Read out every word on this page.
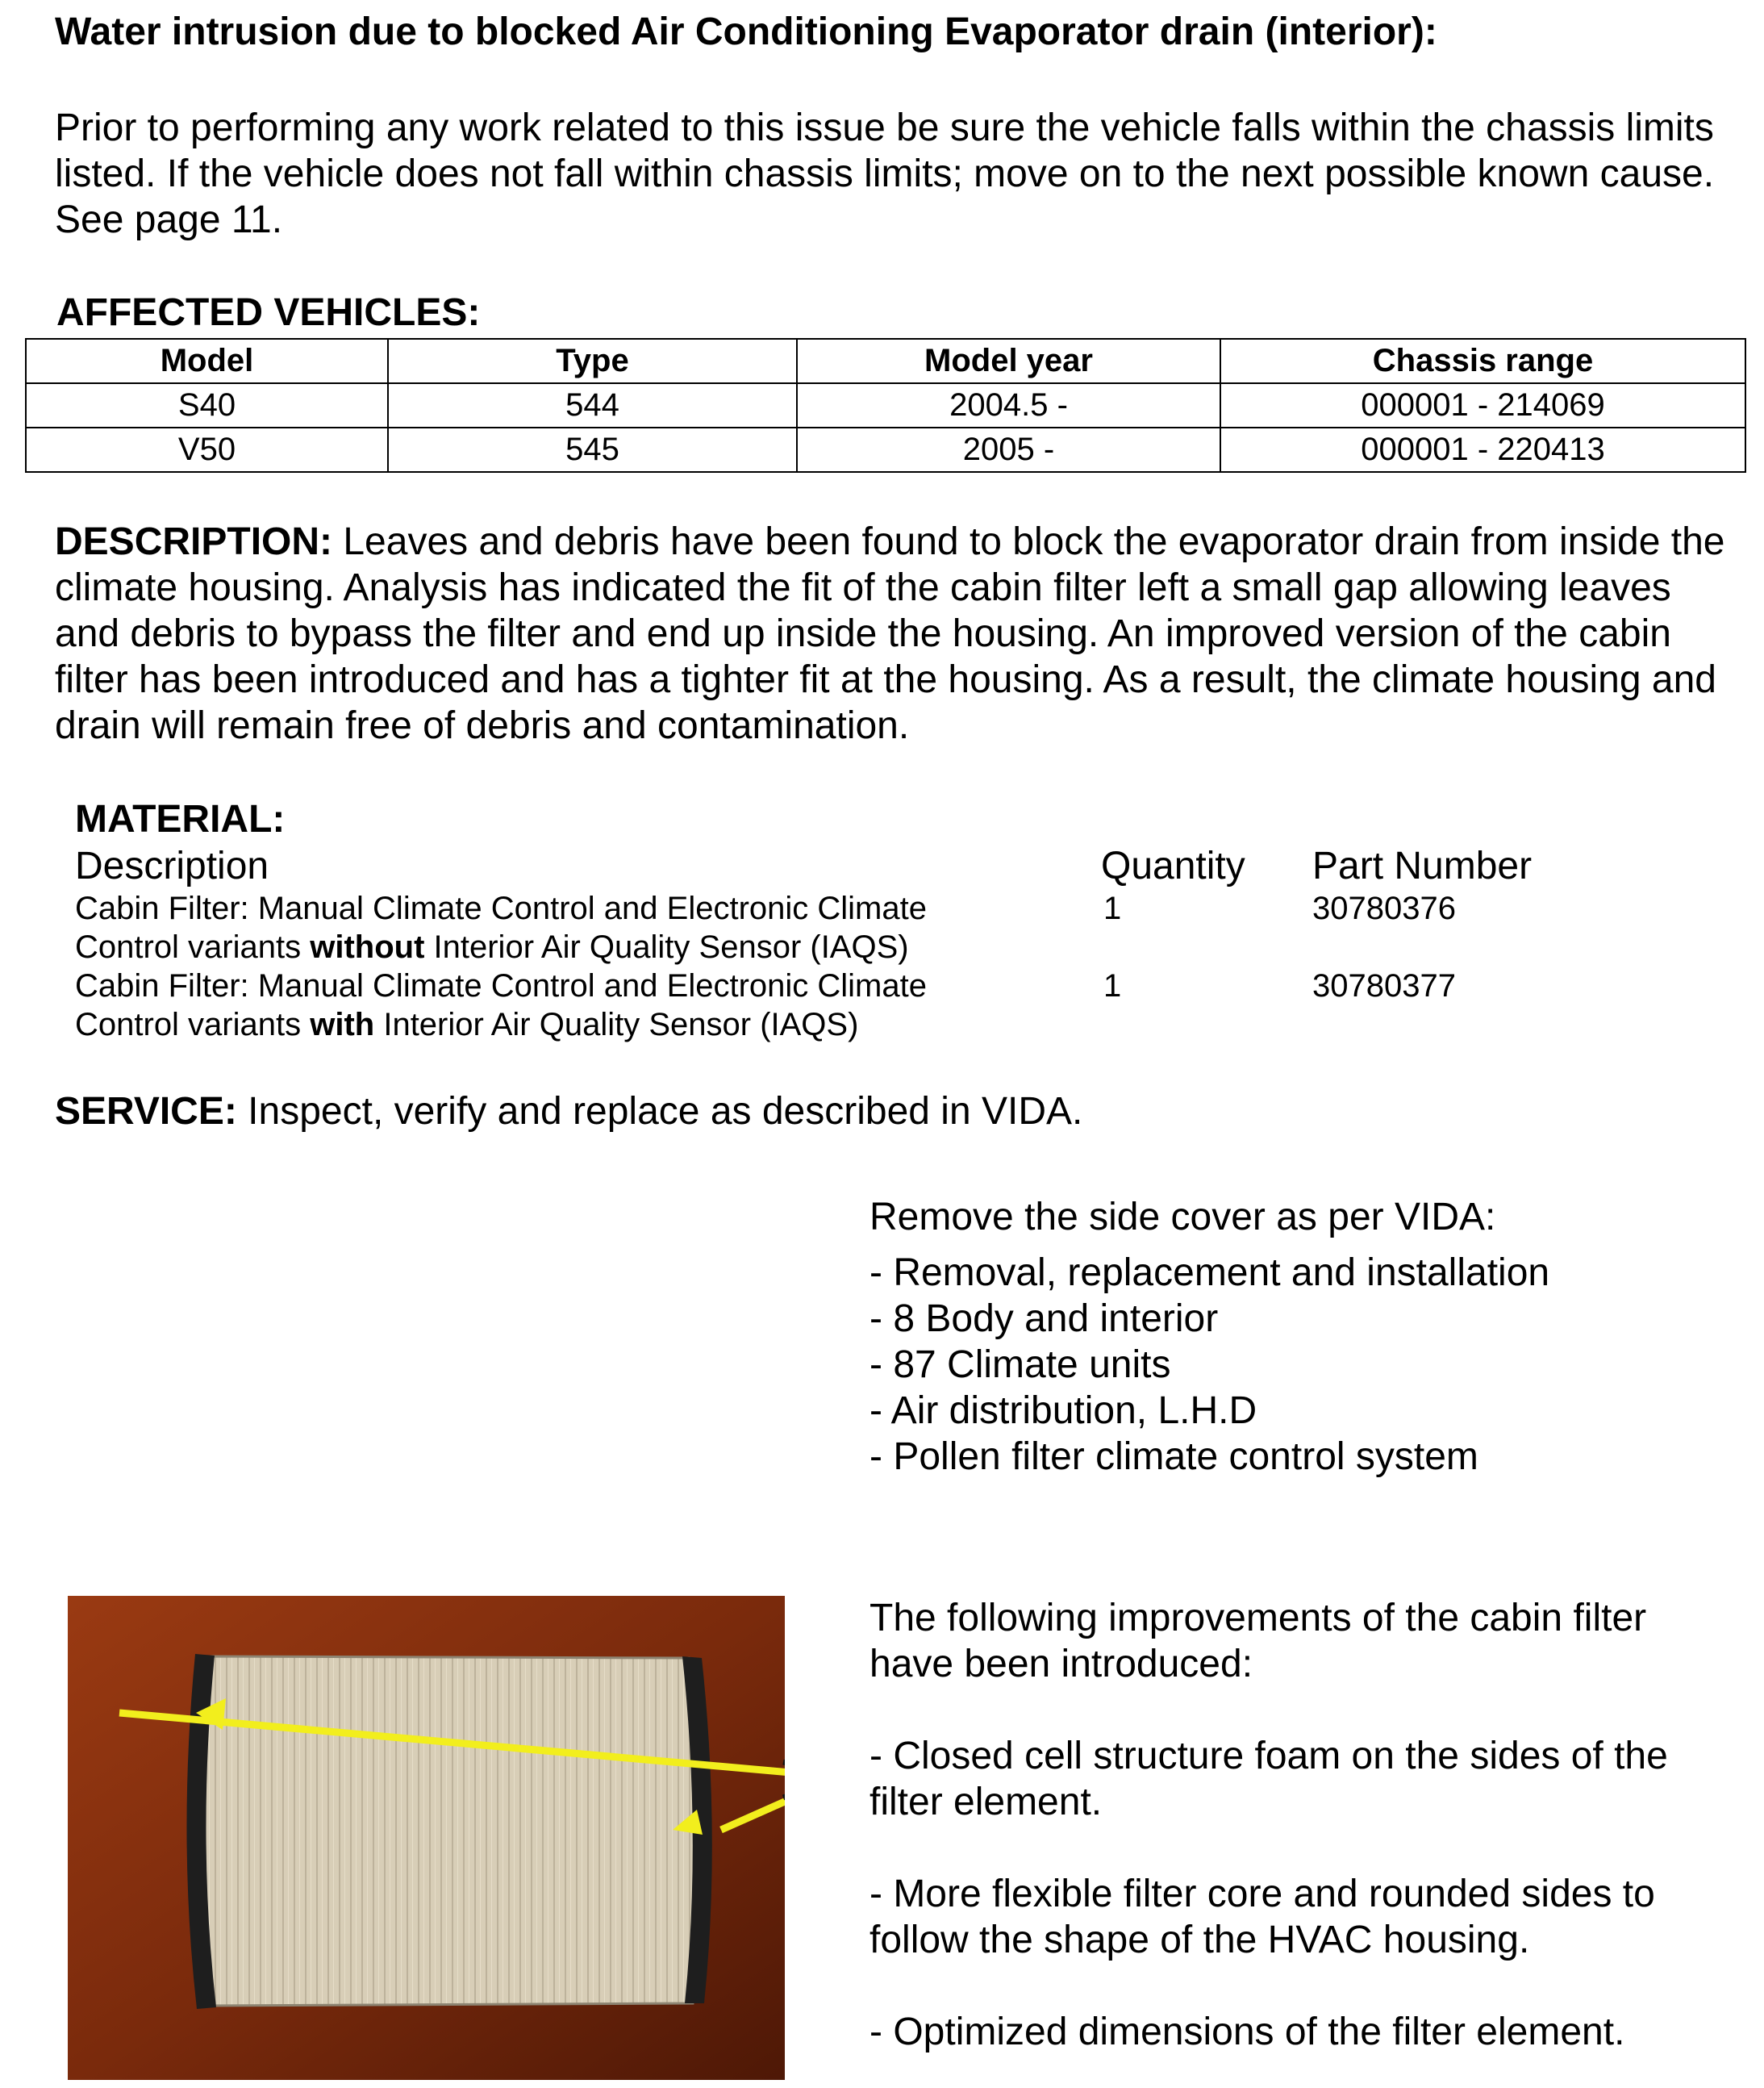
Water intrusion due to blocked Air Conditioning Evaporator drain (interior):
Prior to performing any work related to this issue be sure the vehicle falls within the chassis limits listed. If the vehicle does not fall within chassis limits; move on to the next possible known cause. See page 11.
AFFECTED VEHICLES:
Model	Type	Model year	Chassis range
S40	544	2004.5 -	000001 - 214069
V50	545	2005 -	000001 - 220413
DESCRIPTION: Leaves and debris have been found to block the evaporator drain from inside the climate housing. Analysis has indicated the fit of the cabin filter left a small gap allowing leaves and debris to bypass the filter and end up inside the housing. An improved version of the cabin filter has been introduced and has a tighter fit at the housing. As a result, the climate housing and drain will remain free of debris and contamination.
MATERIAL:
Description	Quantity Part Number
Cabin Filter: Manual Climate Control and Electronic Climate
Control variants without Interior Air Quality Sensor (IAQS)
1	30780376
Cabin Filter: Manual Climate Control and Electronic Climate
Control variants with Interior Air Quality Sensor (IAQS)
1	30780377
SERVICE: Inspect, verify and replace as described in VIDA.
Remove the side cover as per VIDA:
- Removal, replacement and installation
- 8 Body and interior
- 87 Climate units
- Air distribution, L.H.D
- Pollen filter climate control system

The following improvements of the cabin filter have been introduced:

- Closed cell structure foam on the sides of the filter element.

- More flexible filter core and rounded sides to follow the shape of the HVAC housing.

- Optimized dimensions of the filter element.
